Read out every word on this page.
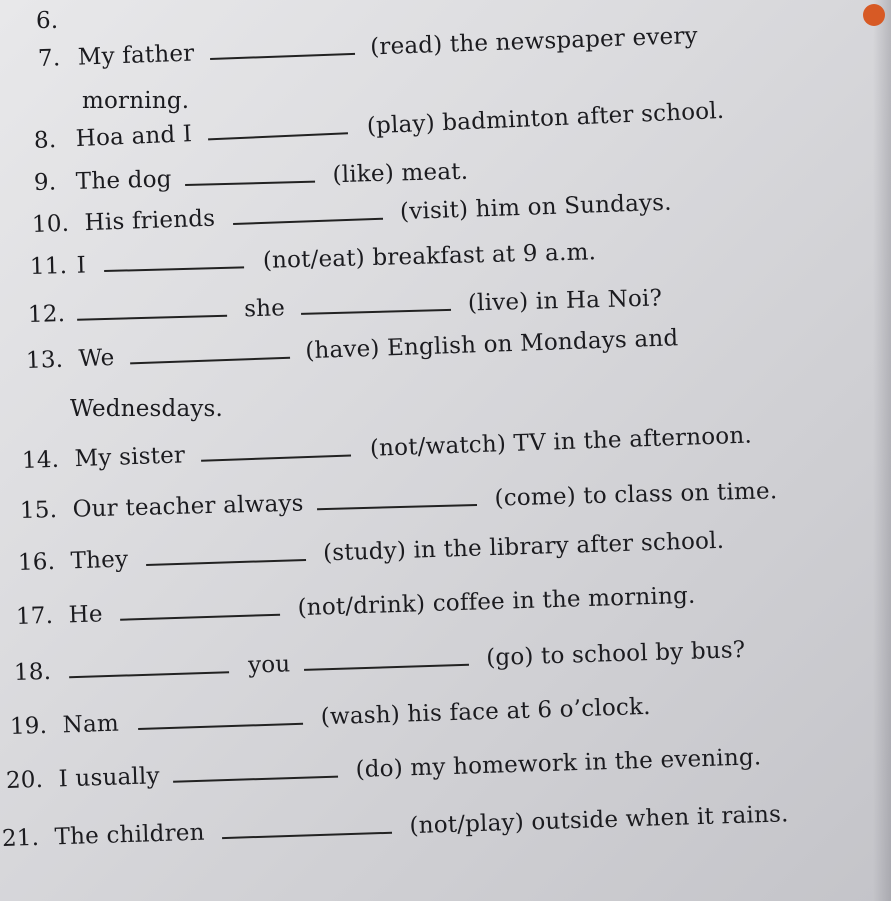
6.
7. My father	(read) the newspaper every
morning.
8. Hoa and I	(play) badminton after school.
9. The dog	(like) meat.
10. His friends	(visit) him on Sundays.
11. I	(not/eat) breakfast at 9 a.m.
12.	she	(live) in Ha Noi?
13. We	(have) English on Mondays and
Wednesdays.
14. My sister	(not/watch) TV in the afternoon.
15. Our teacher always	(come) to class on time.
16. They	(study) in the library after school.
17. He	(not/drink) coffee in the morning.
18.	you	(go) to school by bus?
19. Nam	(wash) his face at 6 o’clock.
20. I usually	(do) my homework in the evening.
21. The children	(not/play) outside when it rains.
